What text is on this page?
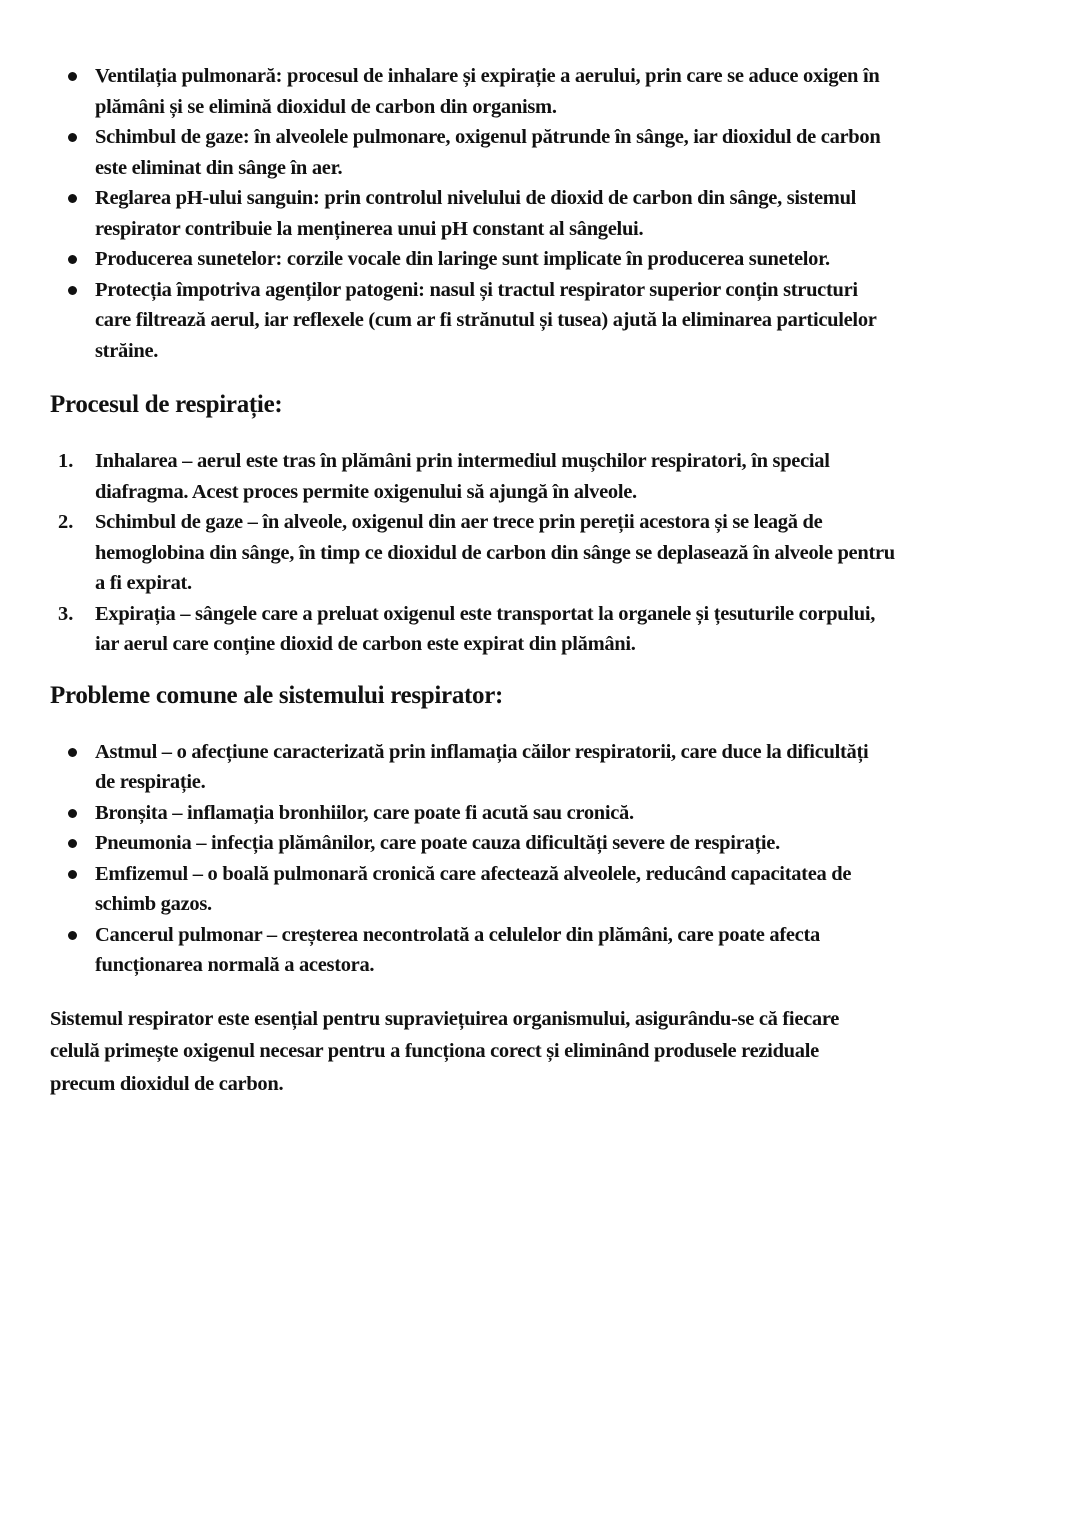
Ventilația pulmonară: procesul de inhalare și expirație a aerului, prin care se aduce oxigen în
plămâni și se elimină dioxidul de carbon din organism.
Schimbul de gaze: în alveolele pulmonare, oxigenul pătrunde în sânge, iar dioxidul de carbon
este eliminat din sânge în aer.
Reglarea pH-ului sanguin: prin controlul nivelului de dioxid de carbon din sânge, sistemul
respirator contribuie la menținerea unui pH constant al sângelui.
Producerea sunetelor: corzile vocale din laringe sunt implicate în producerea sunetelor.
Protecția împotriva agenților patogeni: nasul și tractul respirator superior conțin structuri
care filtrează aerul, iar reflexele (cum ar fi strănutul și tusea) ajută la eliminarea particulelor
străine.
Procesul de respirație:
1. Inhalarea – aerul este tras în plămâni prin intermediul mușchilor respiratori, în special
diafragma. Acest proces permite oxigenului să ajungă în alveole.
2. Schimbul de gaze – în alveole, oxigenul din aer trece prin pereții acestora și se leagă de
hemoglobina din sânge, în timp ce dioxidul de carbon din sânge se deplasează în alveole pentru
a fi expirat.
3. Expirația – sângele care a preluat oxigenul este transportat la organele și țesuturile corpului,
iar aerul care conține dioxid de carbon este expirat din plămâni.
Probleme comune ale sistemului respirator:
Astmul – o afecțiune caracterizată prin inflamația căilor respiratorii, care duce la dificultăți
de respirație.
Bronșita – inflamația bronhiilor, care poate fi acută sau cronică.
Pneumonia – infecția plămânilor, care poate cauza dificultăți severe de respirație.
Emfizemul – o boală pulmonară cronică care afectează alveolele, reducând capacitatea de
schimb gazos.
Cancerul pulmonar – creșterea necontrolată a celulelor din plămâni, care poate afecta
funcționarea normală a acestora.

Sistemul respirator este esențial pentru supraviețuirea organismului, asigurându-se că fiecare
celulă primește oxigenul necesar pentru a funcționa corect și eliminând produsele reziduale
precum dioxidul de carbon.
